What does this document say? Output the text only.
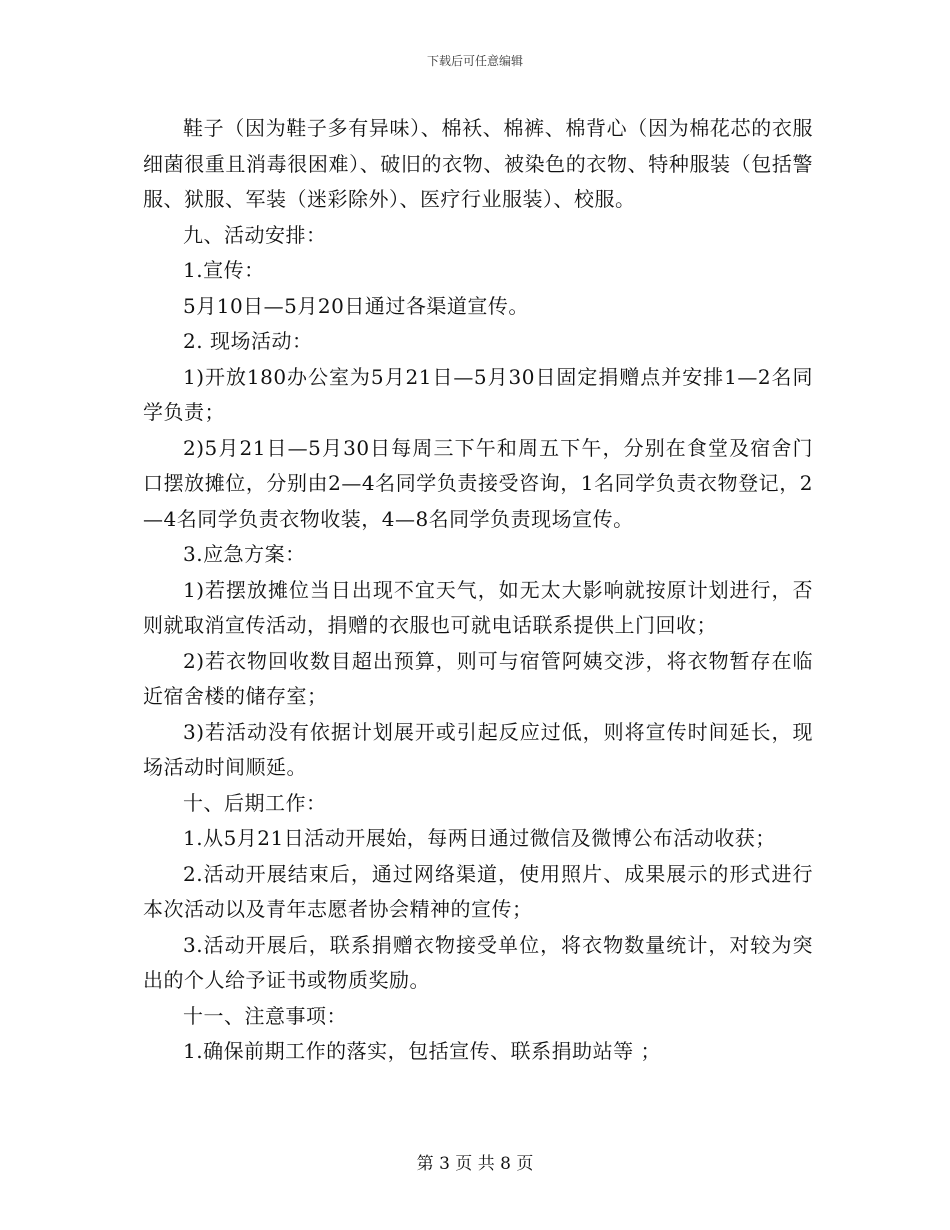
下载后可任意编辑

鞋子（因为鞋子多有异味）、棉袄、棉裤、棉背心（因为棉花芯的衣服细菌很重且消毒很困难）、破旧的衣物、被染色的衣物、特种服装（包括警服、狱服、军装（迷彩除外）、医疗行业服装）、校服。

九、活动安排：

1.宣传：

5月10日—5月20日通过各渠道宣传。

2. 现场活动：

1)开放180办公室为5月21日—5月30日固定捐赠点并安排1—2名同学负责；

2)5月21日—5月30日每周三下午和周五下午，分别在食堂及宿舍门口摆放摊位，分别由2—4名同学负责接受咨询，1名同学负责衣物登记，2—4名同学负责衣物收装，4—8名同学负责现场宣传。

3.应急方案：

1)若摆放摊位当日出现不宜天气，如无太大影响就按原计划进行，否则就取消宣传活动，捐赠的衣服也可就电话联系提供上门回收；

2)若衣物回收数目超出预算，则可与宿管阿姨交涉，将衣物暂存在临近宿舍楼的储存室；

3)若活动没有依据计划展开或引起反应过低，则将宣传时间延长，现场活动时间顺延。

十、后期工作：

1.从5月21日活动开展始，每两日通过微信及微博公布活动收获；

2.活动开展结束后，通过网络渠道，使用照片、成果展示的形式进行本次活动以及青年志愿者协会精神的宣传；

3.活动开展后，联系捐赠衣物接受单位，将衣物数量统计，对较为突出的个人给予证书或物质奖励。

十一、注意事项：

1.确保前期工作的落实，包括宣传、联系捐助站等 ；

第 3 页 共 8 页
